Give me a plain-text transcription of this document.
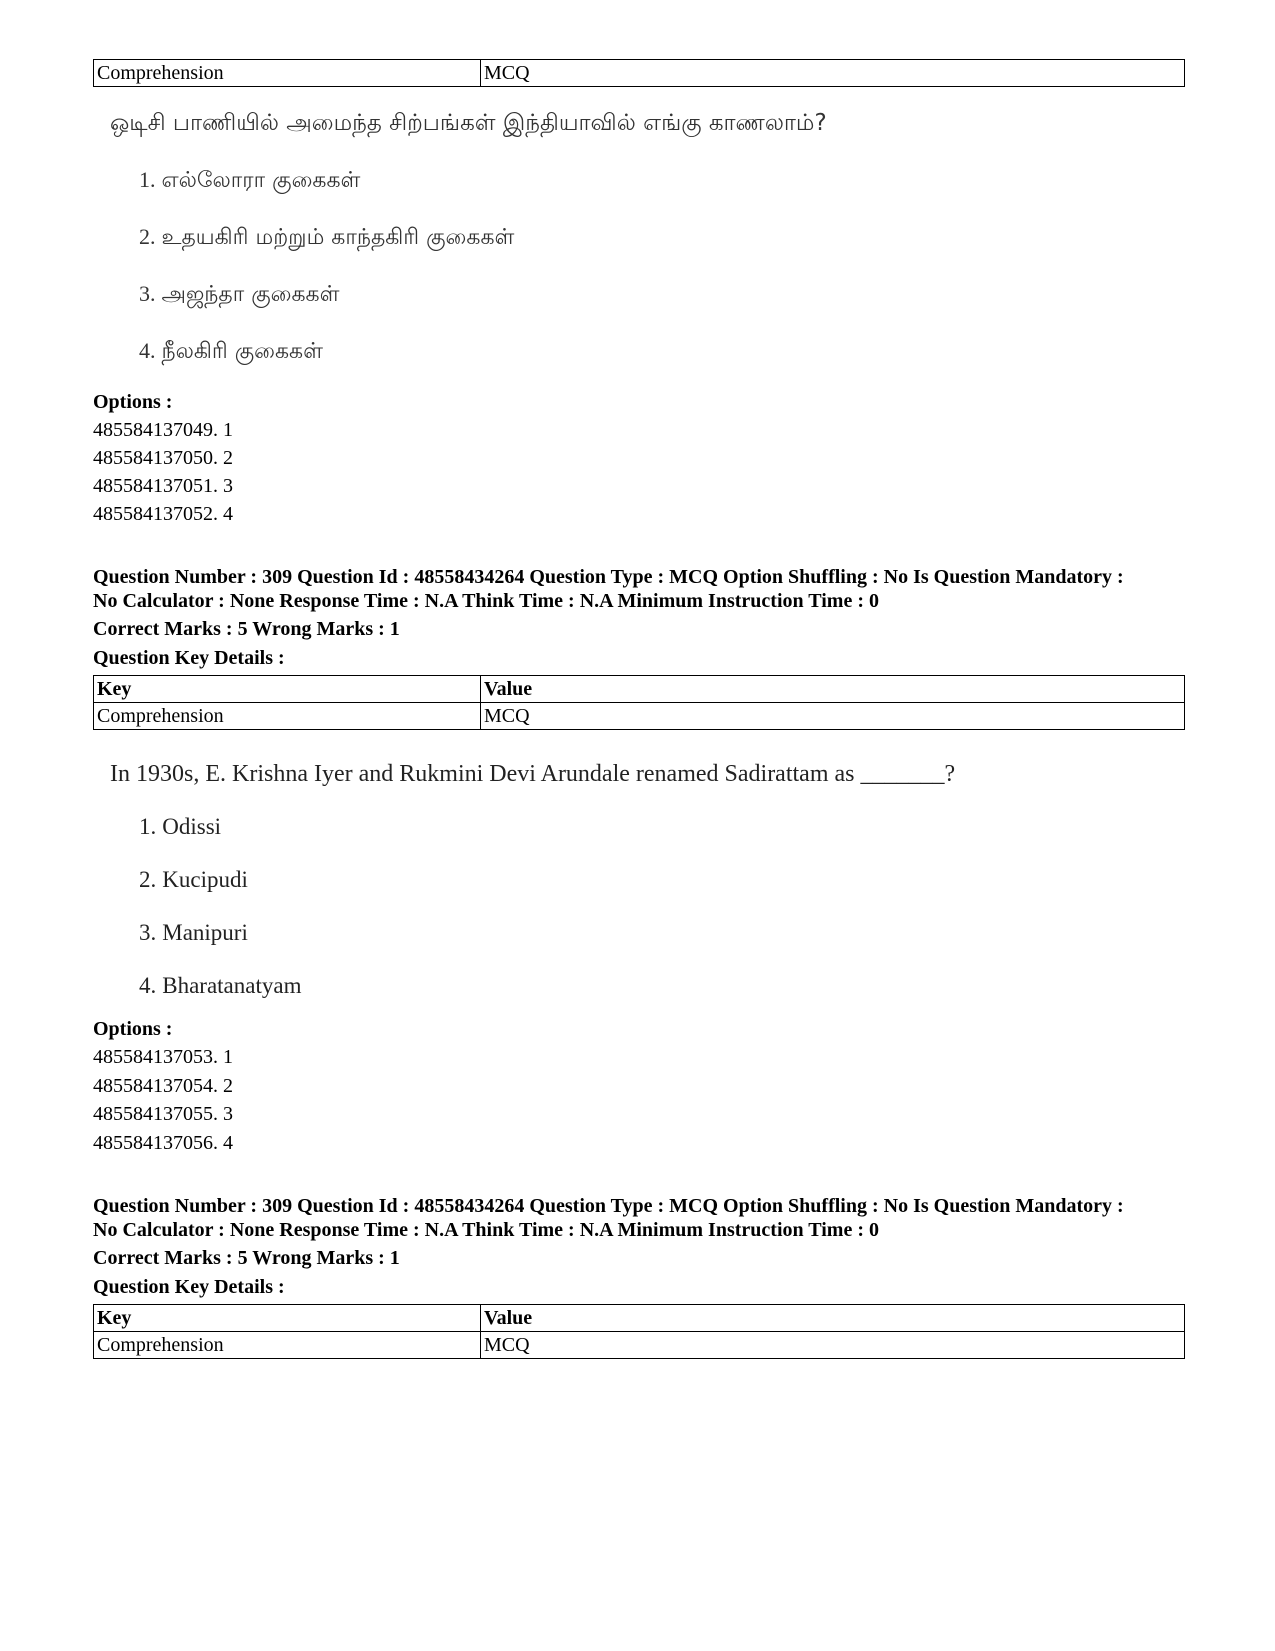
Comprehension	MCQ
ஒடிசி பாணியில் அமைந்த சிற்பங்கள் இந்தியாவில் எங்கு காணலாம்?
1. எல்லோரா குகைகள்
2. உதயகிரி மற்றும் காந்தகிரி குகைகள்
3. அஜந்தா குகைகள்
4. நீலகிரி குகைகள்
Options :
485584137049. 1
485584137050. 2
485584137051. 3
485584137052. 4
Question Number : 309 Question Id : 48558434264 Question Type : MCQ Option Shuffling : No Is Question Mandatory :
No Calculator : None Response Time : N.A Think Time : N.A Minimum Instruction Time : 0
Correct Marks : 5 Wrong Marks : 1
Question Key Details :
Key	Value
Comprehension	MCQ
In 1930s, E. Krishna Iyer and Rukmini Devi Arundale renamed Sadirattam as _______?
1. Odissi
2. Kucipudi
3. Manipuri
4. Bharatanatyam
Options :
485584137053. 1
485584137054. 2
485584137055. 3
485584137056. 4
Question Number : 309 Question Id : 48558434264 Question Type : MCQ Option Shuffling : No Is Question Mandatory :
No Calculator : None Response Time : N.A Think Time : N.A Minimum Instruction Time : 0
Correct Marks : 5 Wrong Marks : 1
Question Key Details :
Key	Value
Comprehension	MCQ
